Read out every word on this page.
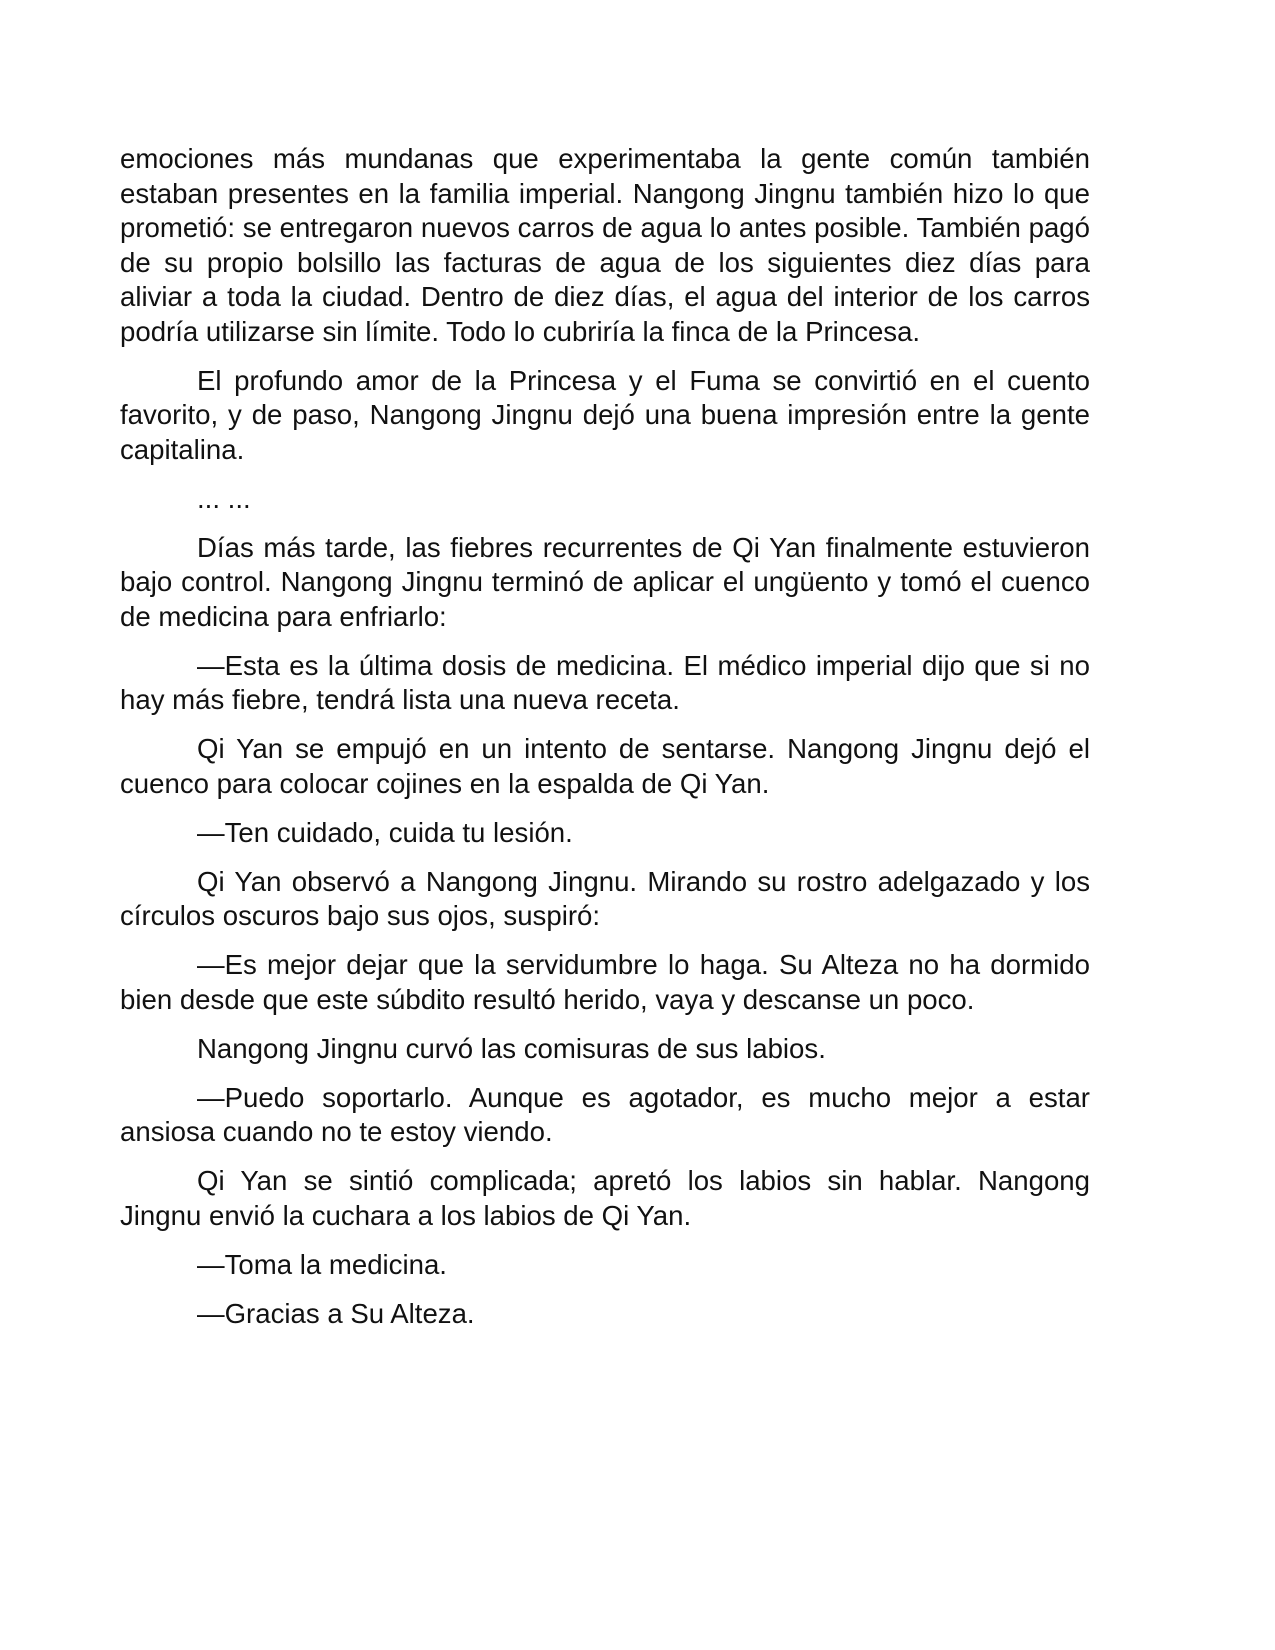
emociones más mundanas que experimentaba la gente común también estaban presentes en la familia imperial. Nangong Jingnu también hizo lo que prometió: se entregaron nuevos carros de agua lo antes posible. También pagó de su propio bolsillo las facturas de agua de los siguientes diez días para aliviar a toda la ciudad. Dentro de diez días, el agua del interior de los carros podría utilizarse sin límite. Todo lo cubriría la finca de la Princesa.

El profundo amor de la Princesa y el Fuma se convirtió en el cuento favorito, y de paso, Nangong Jingnu dejó una buena impresión entre la gente capitalina.

... ...

Días más tarde, las fiebres recurrentes de Qi Yan finalmente estuvieron bajo control. Nangong Jingnu terminó de aplicar el ungüento y tomó el cuenco de medicina para enfriarlo:

—Esta es la última dosis de medicina. El médico imperial dijo que si no hay más fiebre, tendrá lista una nueva receta.

Qi Yan se empujó en un intento de sentarse. Nangong Jingnu dejó el cuenco para colocar cojines en la espalda de Qi Yan.

—Ten cuidado, cuida tu lesión.

Qi Yan observó a Nangong Jingnu. Mirando su rostro adelgazado y los círculos oscuros bajo sus ojos, suspiró:

—Es mejor dejar que la servidumbre lo haga. Su Alteza no ha dormido bien desde que este súbdito resultó herido, vaya y descanse un poco.

Nangong Jingnu curvó las comisuras de sus labios.

—Puedo soportarlo. Aunque es agotador, es mucho mejor a estar ansiosa cuando no te estoy viendo.

Qi Yan se sintió complicada; apretó los labios sin hablar. Nangong Jingnu envió la cuchara a los labios de Qi Yan.

—Toma la medicina.

—Gracias a Su Alteza.
